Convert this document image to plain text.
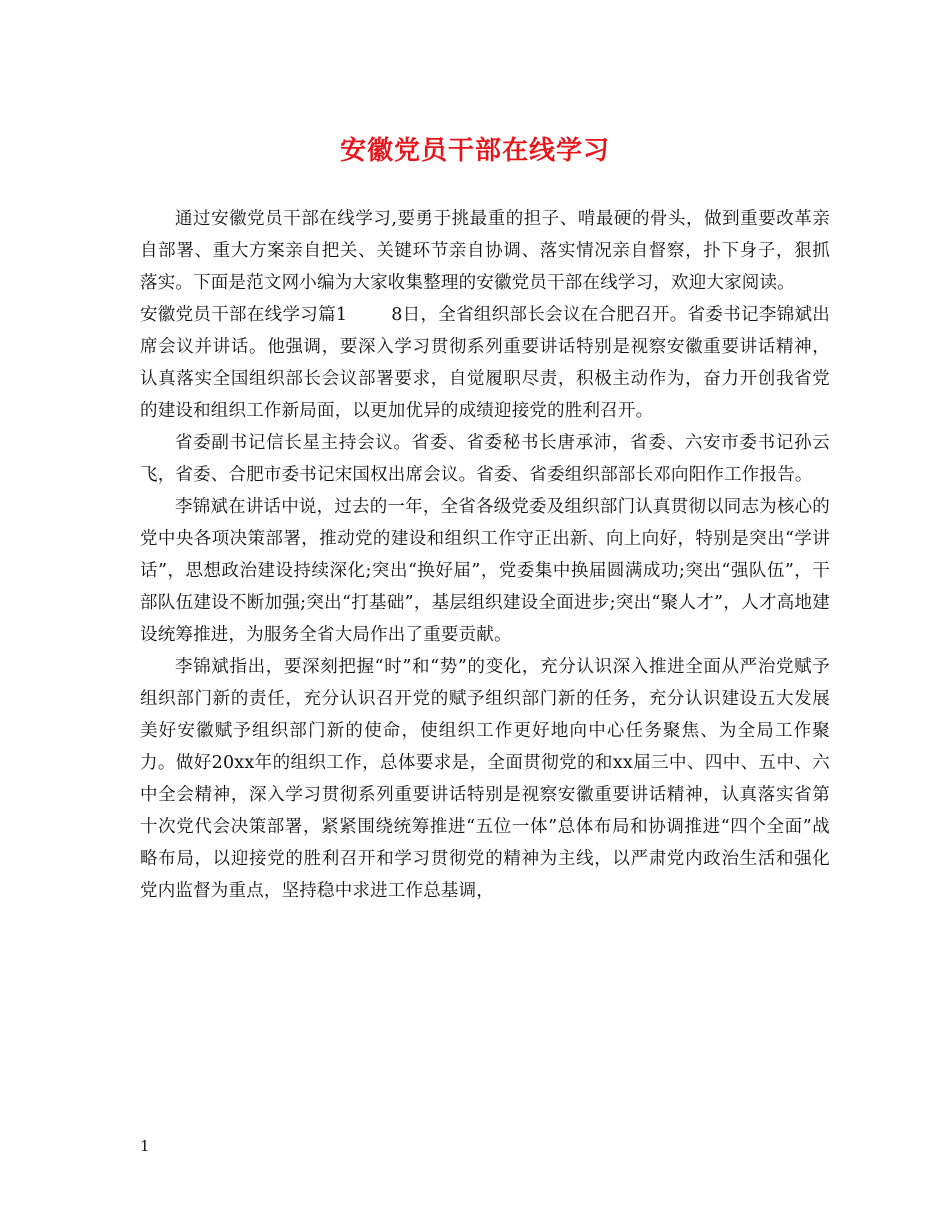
安徽党员干部在线学习

通过安徽党员干部在线学习,要勇于挑最重的担子、啃最硬的骨头，做到重要改革亲自部署、重大方案亲自把关、关键环节亲自协调、落实情况亲自督察，扑下身子，狠抓落实。下面是范文网小编为大家收集整理的安徽党员干部在线学习，欢迎大家阅读。

安徽党员干部在线学习篇1	8日，全省组织部长会议在合肥召开。省委书记李锦斌出席会议并讲话。他强调，要深入学习贯彻系列重要讲话特别是视察安徽重要讲话精神，认真落实全国组织部长会议部署要求，自觉履职尽责，积极主动作为，奋力开创我省党的建设和组织工作新局面，以更加优异的成绩迎接党的胜利召开。

省委副书记信长星主持会议。省委、省委秘书长唐承沛，省委、六安市委书记孙云飞，省委、合肥市委书记宋国权出席会议。省委、省委组织部部长邓向阳作工作报告。

李锦斌在讲话中说，过去的一年，全省各级党委及组织部门认真贯彻以同志为核心的党中央各项决策部署，推动党的建设和组织工作守正出新、向上向好，特别是突出“学讲话”，思想政治建设持续深化;突出“换好届”，党委集中换届圆满成功;突出“强队伍”，干部队伍建设不断加强;突出“打基础”，基层组织建设全面进步;突出“聚人才”，人才高地建设统筹推进，为服务全省大局作出了重要贡献。

李锦斌指出，要深刻把握“时”和“势”的变化，充分认识深入推进全面从严治党赋予组织部门新的责任，充分认识召开党的赋予组织部门新的任务，充分认识建设五大发展美好安徽赋予组织部门新的使命，使组织工作更好地向中心任务聚焦、为全局工作聚力。做好20xx年的组织工作，总体要求是，全面贯彻党的和xx届三中、四中、五中、六中全会精神，深入学习贯彻系列重要讲话特别是视察安徽重要讲话精神，认真落实省第十次党代会决策部署，紧紧围绕统筹推进“五位一体”总体布局和协调推进“四个全面”战略布局，以迎接党的胜利召开和学习贯彻党的精神为主线，以严肃党内政治生活和强化党内监督为重点，坚持稳中求进工作总基调，

1
